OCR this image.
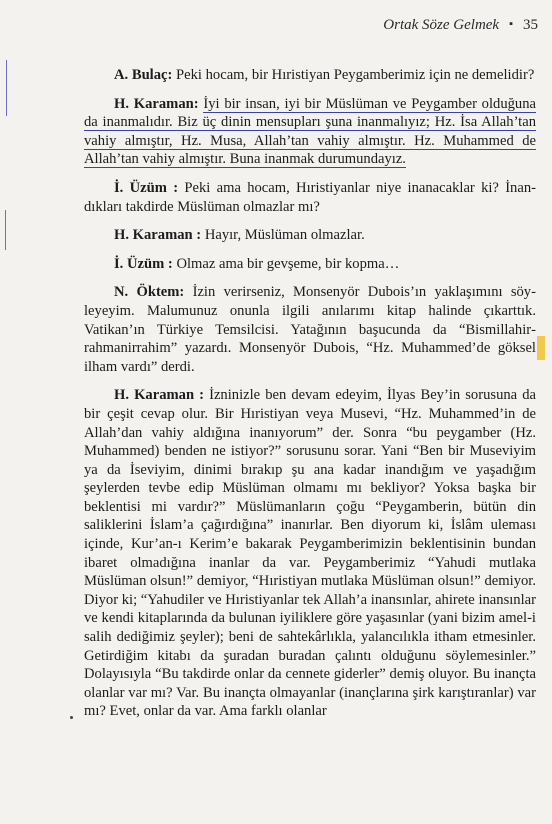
Ortak Söze Gelmek ▪ 35

A. Bulaç: Peki hocam, bir Hıristiyan Peygamberimiz için ne demelidir?

H. Karaman: İyi bir insan, iyi bir Müslüman ve Peygamber olduğuna da inanmalıdır. Biz üç dinin mensupları şuna inanmalıyız; Hz. İsa Allah’tan vahiy almıştır, Hz. Musa, Allah’tan vahiy almıştır. Hz. Muhammed de Allah’tan vahiy almıştır. Buna inanmak durumundayız.

İ. Üzüm : Peki ama hocam, Hıristiyanlar niye inanacaklar ki? İnandıkları takdirde Müslüman olmazlar mı?

H. Karaman : Hayır, Müslüman olmazlar.

İ. Üzüm : Olmaz ama bir gevşeme, bir kopma…

N. Öktem: İzin verirseniz, Monsenyör Dubois’ın yaklaşımını söyleyeyim. Malumunuz onunla ilgili anılarımı kitap halinde çıkarttık. Vatikan’ın Türkiye Temsilcisi. Yatağının başucunda da “Bismillahirrahmanirrahim” yazardı. Monsenyör Dubois, “Hz. Muhammed’de göksel ilham vardı” derdi.

H. Karaman : İzninizle ben devam edeyim, İlyas Bey’in sorusuna da bir çeşit cevap olur. Bir Hıristiyan veya Musevi, “Hz. Muhammed’in de Allah’dan vahiy aldığına inanıyorum” der. Sonra “bu peygamber (Hz. Muhammed) benden ne istiyor?” sorusunu sorar. Yani “Ben bir Museviyim ya da İseviyim, dinimi bırakıp şu ana kadar inandığım ve yaşadığım şeylerden tevbe edip Müslüman olmamı mı bekliyor? Yoksa başka bir beklentisi mi vardır?” Müslümanların çoğu “Peygamberin, bütün din saliklerini İslam’a çağırdığına” inanırlar. Ben diyorum ki, İslâm uleması içinde, Kur’an-ı Kerim’e bakarak Peygamberimizin beklentisinin bundan ibaret olmadığına inanlar da var. Peygamberimiz “Yahudi mutlaka Müslüman olsun!” demiyor, “Hıristiyan mutlaka Müslüman olsun!” demiyor. Diyor ki; “Yahudiler ve Hıristiyanlar tek Allah’a inansınlar, ahirete inansınlar ve kendi kitaplarında da bulunan iyiliklere göre yaşasınlar (yani bizim amel-i salih dediğimiz şeyler); beni de sahtekârlıkla, yalancılıkla itham etmesinler. Getirdiğim kitabı da şuradan buradan çalıntı olduğunu söylemesinler.” Dolayısıyla “Bu takdirde onlar da cennete giderler” demiş oluyor. Bu inançta olanlar var mı? Var. Bu inançta olmayanlar (inançlarına şirk karıştıranlar) var mı? Evet, onlar da var. Ama farklı olanlar
